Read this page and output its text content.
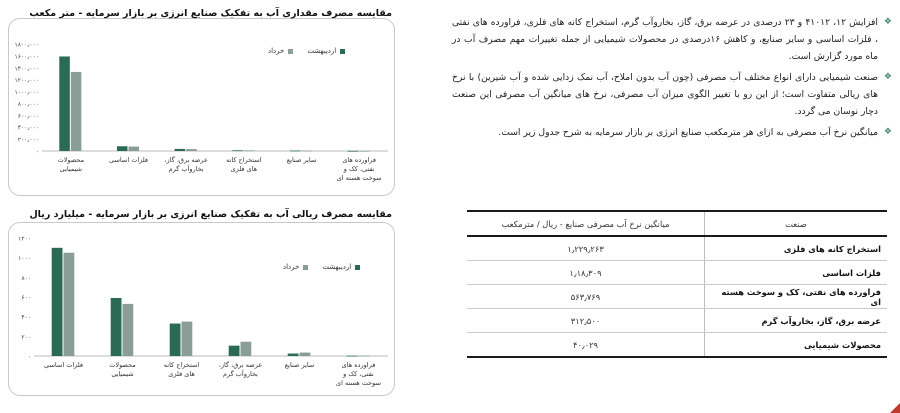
مقایسه مصرف مقداری آب به تفکیک صنایع انرژی بر بازار سرمایه - متر مکعب
اردیبهشت
خرداد
۰
۲۰۰٫۰۰۰
۴۰۰٫۰۰۰
۶۰۰٫۰۰۰
۸۰۰٫۰۰۰
۱۰۰۰٫۰۰۰
۱۲۰۰٫۰۰۰
۱۴۰۰٫۰۰۰
۱۶۰۰٫۰۰۰
۱۸۰۰٫۰۰۰
محصولات شیمیایی
فلزات اساسی	عرضه برق، گاز، بخاروآب گرم
استخراج کانه های فلزی
سایر صنایع	فراورده های نفتی، کک و سوخت هسته ای
مقایسه مصرف ریالی آب به تفکیک صنایع انرژی بر بازار سرمایه - میلیارد ریال
اردیبهشت
خرداد
۰
۲۰۰
۴۰۰
۶۰۰
۸۰۰
۱۰۰۰
۱۲۰۰
فلزات اساسی	محصولات شیمیایی
استخراج کانه های فلزی
عرضه برق، گاز، بخاروآب گرم
سایر صنایع	فراورده های نفتی، کک و سوخت هسته ای
❖
افزایش ۱۲، ۴۱۰۱۲ و ۲۳ درصدی در عرضه برق، گاز، بخاروآب گرم، استخراج کانه های فلزی، فراورده های نفتی ، فلزات اساسی و سایر صنایع، و کاهش ۱۶درصدی در محصولات شیمیایی از جمله تغییرات مهم مصرف آب در ماه مورد گزارش است.
❖
صنعت شیمیایی دارای انواع مختلف آب مصرفی (چون آب بدون املاح، آب نمک زدایی شده و آب شیرین) با نرخ های ریالی متفاوت است؛ از این رو با تغییر الگوی میزان آب مصرفی، نرخ های میانگین آب مصرفی این صنعت دچار نوسان می گردد.
❖
میانگین نرخ آب مصرفی به ازای هر مترمکعب صنایع انرژی بر بازار سرمایه به شرح جدول زیر است.
صنعت	میانگین نرخ آب مصرفی صنایع - ریال / مترمکعب
استخراج کانه های فلزی	۱٫۲۲۹٫۲۶۳
فلزات اساسی	۱٫۱۸٫۳۰۹
فراورده های نفتی، کک و سوخت هسته ای	۵۶۳٫۷۶۹
عرضه برق، گاز، بخاروآب گرم	۳۱۲٫۵۰۰
محصولات شیمیایی	۴۰٫۰۲۹
